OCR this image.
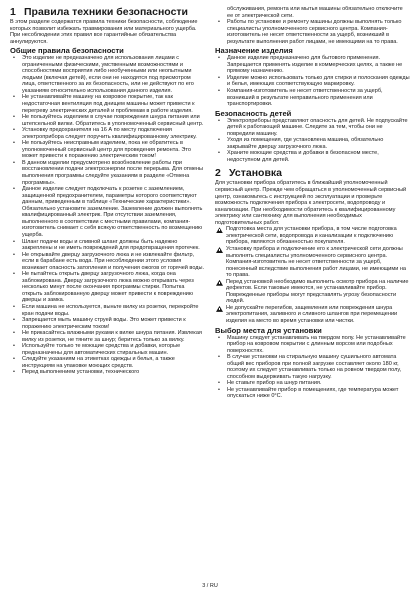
1 Правила техники безопасности

В этом разделе содержатся правила техники безопасности, соблюдение которых позволит избежать травмирования или материального ущерба. При несоблюдении этих правил все гарантийные обязательства аннулируются.

Общие правила безопасности
• Это изделие не предназначено для использования лицами с ограниченными физическими, умственными возможностями и способностями восприятия либо необученными или неопытными людьми (включая детей), если они не находятся под присмотром лица, ответственного за их безопасность, или не действуют по его указаниям относительно использования данного изделия.
• Не устанавливайте машину на ковровое покрытие, так как недостаточная вентиляция под днищем машины может привести к перегреву электрических деталей и проблемам в работе изделия.
• Не пользуйтесь изделием в случае повреждения шнура питания или штепсельной вилки. Обратитесь в уполномоченный сервисный центр.
• Установку предохранителя на 16 А по месту подключения электроприбора следует поручить квалифицированному электрику.
• Не пользуйтесь неисправным изделием, пока не обратитесь в уполномоченный сервисный центр для проведения ремонта. Это может привести к поражению электрическим током!
• В данном изделии предусмотрено возобновление работы при восстановлении подачи электроэнергии после перерыва. Для отмены выполнения программы следуйте указаниям в разделе «Отмена программы».
• Данное изделие следует подключать к розетке с заземлением, защищенной предохранителем, параметры которого соответствуют данным, приведенным в таблице «Технические характеристики». Обязательно установите заземление. Заземление должен выполнять квалифицированный электрик. При отсутствии заземления, выполненного в соответствии с местными правилами, компания-изготовитель снимает с себя всякую ответственность по возмещению ущерба.
• Шланг подачи воды и сливной шланг должны быть надежно закреплены и не иметь повреждений для предотвращения протечек.
• Не открывайте дверцу загрузочного люка и не извлекайте фильтр, если в барабане есть вода. При несоблюдении этого условия возникает опасность затопления и получения ожогов от горячей воды.
• Не пытайтесь открыть дверцу загрузочного люка, когда она заблокирована. Дверцу загрузочного люка можно открывать через несколько минут после окончания программы стирки. Попытка открыть заблокированную дверцу может привести к повреждению дверцы и замка.
• Если машина не используется, выньте вилку из розетки, перекройте кран подачи воды.
• Запрещается мыть машину струей воды. Это может привести к поражению электрическим током!
• Не прикасайтесь влажными руками к вилке шнура питания. Извлекая вилку из розетки, не тяните за шнур; беритесь только за вилку.
• Используйте только те моющие средства и добавки, которые предназначены для автоматических стиральных машин.
• Следуйте указаниям на этикетках одежды и белья, а также инструкциям на упаковке моющих средств.
• Перед выполнением установки, технического
обслуживания, ремонта или мытья машины обязательно отключите ее от электрической сети.
• Работы по установке и ремонту машины должны выполнять только специалисты уполномоченного сервисного центра. Компания-изготовитель не несет ответственности за ущерб, возникший в результате выполнения работ лицами, не имеющими на то права.
Назначение изделия
• Данное изделие предназначено для бытового применения. Запрещается применять изделие в коммерческих целях, а также не прямому назначению.
• Изделие можно использовать только для стирки и полоскания одежды и белья, имеющих соответствующую маркировку.
• Компания-изготовитель не несет ответственности за ущерб, возникший в результате неправильного применения или транспортировки.
Безопасность детей
• Электроприборы представляют опасность для детей. Не подпускайте детей к работающей машине. Следите за тем, чтобы они не повредили машину.
• Уходя из помещения, где установлена машина, обязательно закрывайте дверцу загрузочного люка.
• Храните моющие средства и добавки в безопасном месте, недоступном для детей.
2 Установка

Для установки прибора обратитесь в ближайший уполномоченный сервисный центр. Прежде чем обращаться в уполномоченный сервисный центр, ознакомьтесь с инструкцией по эксплуатации и проверьте возможность подключения прибора к электросети, водопроводу и канализации. При необходимости обратитесь к квалифицированному электрику или сантехнику для выполнения необходимых подготовительных работ.

Подготовка места для установки прибора, в том числе подготовка электрической сети, водопровода и канализации к подключению прибора, являются обязанностью покупателя.
Установку прибора и подключение его к электрической сети должны выполнять специалисты уполномоченного сервисного центра. Компания-изготовитель не несет ответственности за ущерб, понесенный вследствие выполнения работ лицами, не имеющими на то права.
Перед установкой необходимо выполнить осмотр прибора на наличие дефектов. Если таковые имеются, не устанавливайте прибор. Поврежденные приборы могут представлять угрозу безопасности людей.
Не допускайте перегибов, защемления или повреждения шнура электропитания, заливного и сливного шлангов при перемещении изделия на место во время установки или чистки.
Выбор места для установки
• Машину следует устанавливать на твердом полу. Не устанавливайте прибор на ковровом покрытии с длинным ворсом или подобных поверхностях.
• В случае установки на стиральную машину сушильного автомата общий вес приборов при полной загрузке составляет около 180 кг, поэтому их следует устанавливать только на ровном твердом полу, способном выдерживать такую нагрузку.
• Не ставьте прибор на шнур питания.
• Не устанавливайте прибор в помещениях, где температура может опускаться ниже 0°C.
3 / RU
